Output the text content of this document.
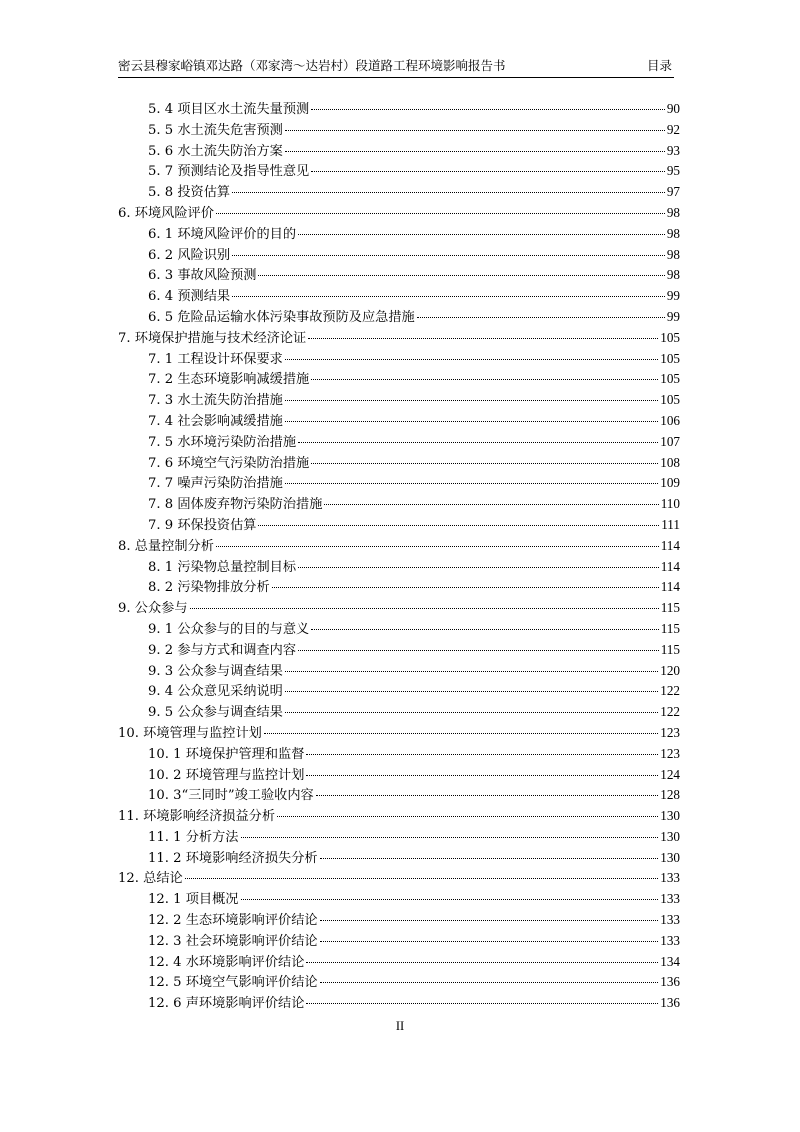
密云县穆家峪镇邓达路（邓家湾～达岩村）段道路工程环境影响报告书	目录
5. 4 项目区水土流失量预测	90
5. 5 水土流失危害预测	92
5. 6 水土流失防治方案	93
5. 7 预测结论及指导性意见	95
5. 8 投资估算	97
6. 环境风险评价	98
6. 1 环境风险评价的目的	98
6. 2 风险识别	98
6. 3 事故风险预测	98
6. 4 预测结果	99
6. 5 危险品运输水体污染事故预防及应急措施	99
7. 环境保护措施与技术经济论证	105
7. 1 工程设计环保要求	105
7. 2 生态环境影响减缓措施	105
7. 3 水土流失防治措施	105
7. 4 社会影响减缓措施	106
7. 5 水环境污染防治措施	107
7. 6 环境空气污染防治措施	108
7. 7 噪声污染防治措施	109
7. 8 固体废弃物污染防治措施	110
7. 9 环保投资估算	111
8. 总量控制分析	114
8. 1 污染物总量控制目标	114
8. 2 污染物排放分析	114
9. 公众参与	115
9. 1 公众参与的目的与意义	115
9. 2 参与方式和调查内容	115
9. 3 公众参与调查结果	120
9. 4 公众意见采纳说明	122
9. 5 公众参与调查结果	122
10. 环境管理与监控计划	123
10. 1 环境保护管理和监督	123
10. 2 环境管理与监控计划	124
10. 3“三同时”竣工验收内容	128
11. 环境影响经济损益分析	130
11. 1 分析方法	130
11. 2 环境影响经济损失分析	130
12. 总结论	133
12. 1 项目概况	133
12. 2 生态环境影响评价结论	133
12. 3 社会环境影响评价结论	133
12. 4 水环境影响评价结论	134
12. 5 环境空气影响评价结论	136
12. 6 声环境影响评价结论	136
II
